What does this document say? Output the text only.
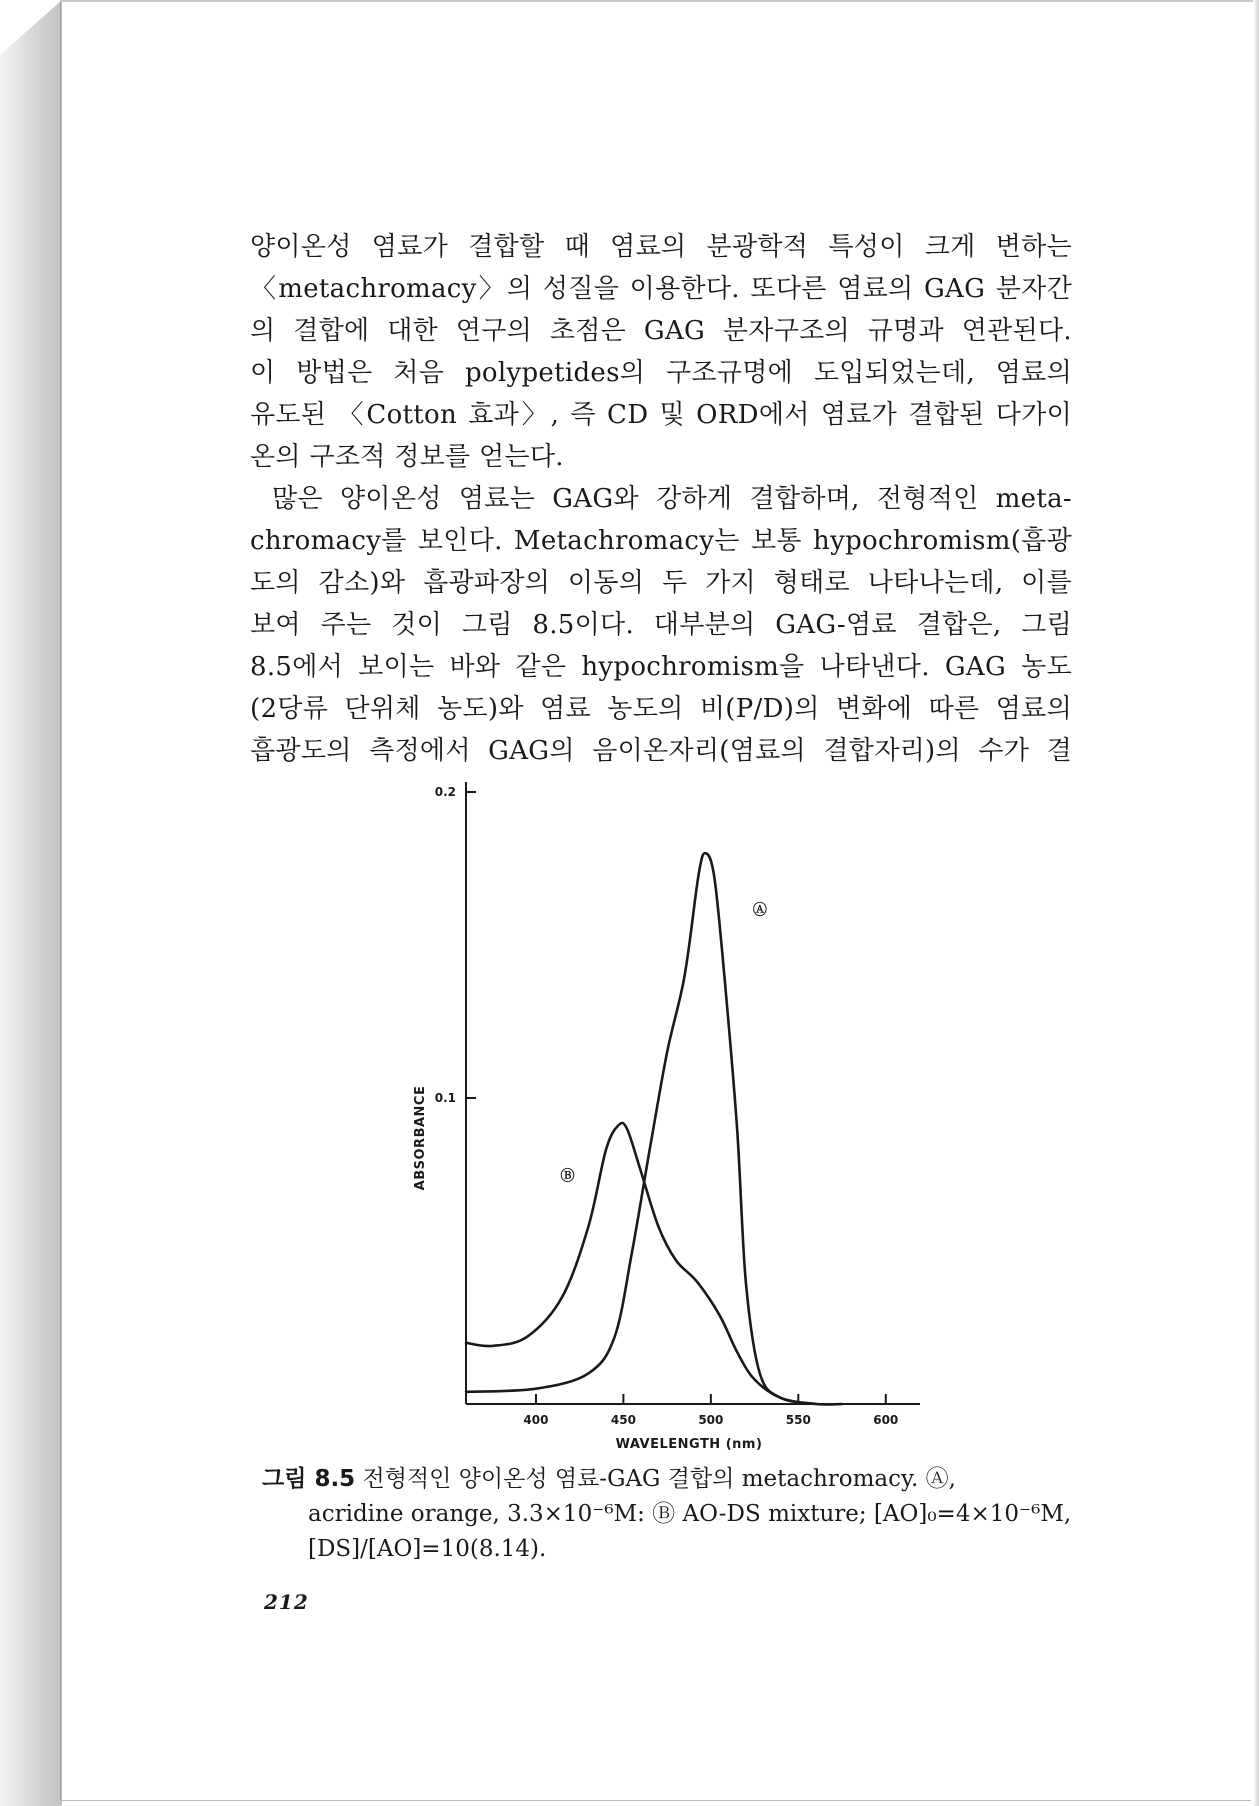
양이온성 염료가 결합할 때 염료의 분광학적 특성이 크게 변하는
〈metachromacy〉의 성질을 이용한다. 또다른 염료의 GAG 분자간
의 결합에 대한 연구의 초점은 GAG 분자구조의 규명과 연관된다.
이 방법은 처음 polypetides의 구조규명에 도입되었는데, 염료의
유도된 〈Cotton 효과〉, 즉 CD 및 ORD에서 염료가 결합된 다가이
온의 구조적 정보를 얻는다.
많은 양이온성 염료는 GAG와 강하게 결합하며, 전형적인 meta-
chromacy를 보인다. Metachromacy는 보통 hypochromism(흡광
도의 감소)와 흡광파장의 이동의 두 가지 형태로 나타나는데, 이를
보여 주는 것이 그림 8.5이다. 대부분의 GAG-염료 결합은, 그림
8.5에서 보이는 바와 같은 hypochromism을 나타낸다. GAG 농도
(2당류 단위체 농도)와 염료 농도의 비(P/D)의 변화에 따른 염료의
흡광도의 측정에서 GAG의 음이온자리(염료의 결합자리)의 수가 결
0.1
0.2
400	450	500	550	600
WAVELENGTH (nm)
ABSORBANCE
Ⓐ
Ⓑ
그림 8.5 전형적인 양이온성 염료-GAG 결합의 metachromacy. Ⓐ,
acridine orange, 3.3×10⁻⁶M: Ⓑ AO-DS mixture; [AO]₀=4×10⁻⁶M,
[DS]/[AO]=10(8.14).
212
